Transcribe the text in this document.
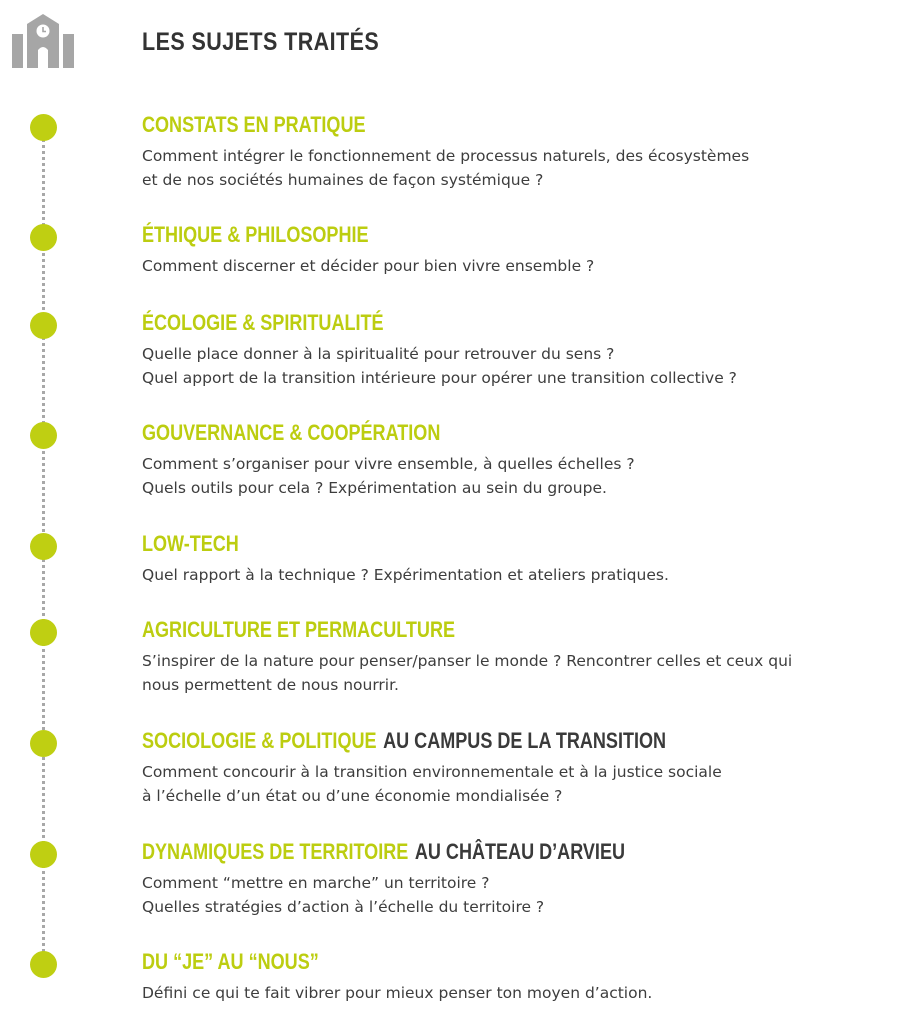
LES SUJETS TRAITÉS
CONSTATS EN PRATIQUE
Comment intégrer le fonctionnement de processus naturels, des écosystèmes
et de nos sociétés humaines de façon systémique ?
ÉTHIQUE & PHILOSOPHIE
Comment discerner et décider pour bien vivre ensemble ?
ÉCOLOGIE & SPIRITUALITÉ
Quelle place donner à la spiritualité pour retrouver du sens ?
Quel apport de la transition intérieure pour opérer une transition collective ?
GOUVERNANCE & COOPÉRATION
Comment s’organiser pour vivre ensemble, à quelles échelles ?
Quels outils pour cela ? Expérimentation au sein du groupe.
LOW-TECH
Quel rapport à la technique ? Expérimentation et ateliers pratiques.
AGRICULTURE ET PERMACULTURE
S’inspirer de la nature pour penser/panser le monde ? Rencontrer celles et ceux qui
nous permettent de nous nourrir.
SOCIOLOGIE & POLITIQUE AU CAMPUS DE LA TRANSITION
Comment concourir à la transition environnementale et à la justice sociale
à l’échelle d’un état ou d’une économie mondialisée ?
DYNAMIQUES DE TERRITOIRE AU CHÂTEAU D’ARVIEU
Comment “mettre en marche” un territoire ?
Quelles stratégies d’action à l’échelle du territoire ?
DU “JE” AU “NOUS”
Défini ce qui te fait vibrer pour mieux penser ton moyen d’action.
